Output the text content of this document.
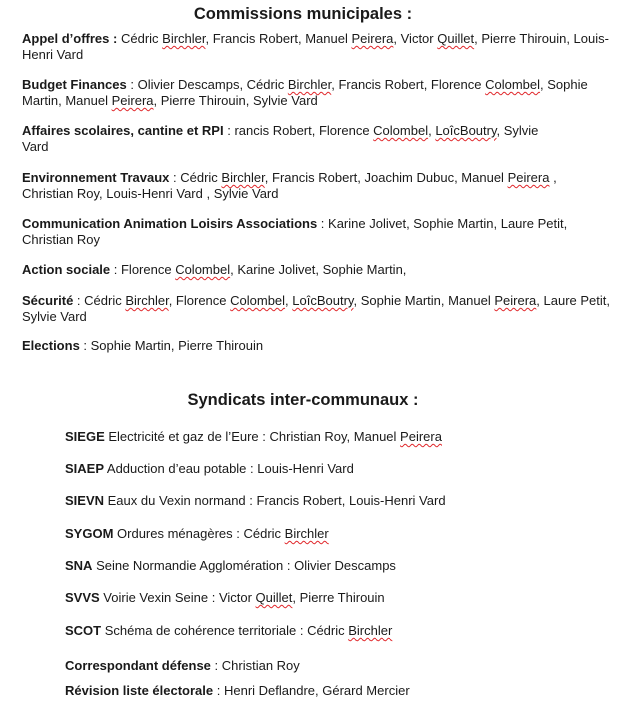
Commissions municipales :
Appel d’offres : Cédric Birchler, Francis Robert, Manuel Peirera, Victor Quillet, Pierre Thirouin, Louis-Henri Vard
Budget Finances : Olivier Descamps, Cédric Birchler, Francis Robert, Florence Colombel, Sophie Martin, Manuel Peirera, Pierre Thirouin, Sylvie Vard
Affaires scolaires, cantine et RPI : rancis Robert, Florence Colombel, LoîcBoutry, Sylvie Vard
Environnement Travaux : Cédric Birchler, Francis Robert, Joachim Dubuc, Manuel Peirera , Christian Roy, Louis-Henri Vard , Sylvie Vard
Communication Animation Loisirs Associations : Karine Jolivet, Sophie Martin, Laure Petit, Christian Roy
Action sociale : Florence Colombel, Karine Jolivet, Sophie Martin,
Sécurité : Cédric Birchler, Florence Colombel, LoîcBoutry, Sophie Martin, Manuel Peirera, Laure Petit, Sylvie Vard
Elections : Sophie Martin, Pierre Thirouin
Syndicats inter-communaux :
SIEGE Electricité et gaz de l’Eure : Christian Roy, Manuel Peirera
SIAEP Adduction d’eau potable : Louis-Henri Vard
SIEVN Eaux du Vexin normand : Francis Robert, Louis-Henri Vard
SYGOM Ordures ménagères : Cédric Birchler
SNA Seine Normandie Agglomération : Olivier Descamps
SVVS Voirie Vexin Seine : Victor Quillet, Pierre Thirouin
SCOT Schéma de cohérence territoriale : Cédric Birchler
Correspondant défense : Christian Roy
Révision liste électorale : Henri Deflandre, Gérard Mercier
